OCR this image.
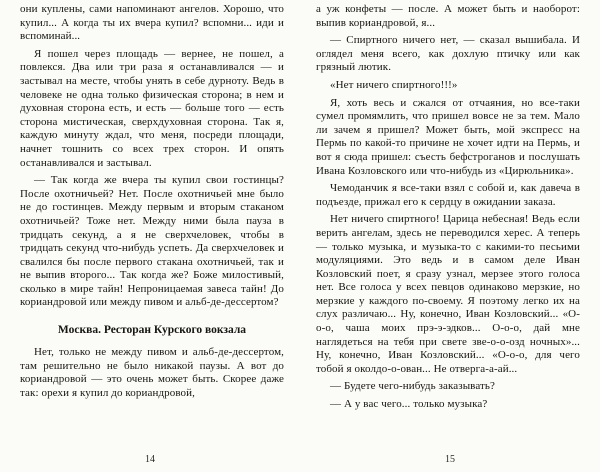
они куплены, сами напоминают ангелов. Хорошо, что купил... А когда ты их вчера купил? вспомни... иди и вспоминай...

Я пошел через площадь — вернее, не пошел, а повлекся. Два или три раза я останавливался — и застывал на месте, чтобы унять в себе дурноту. Ведь в человеке не одна только физическая сторона; в нем и духовная сторона есть, и есть — больше того — есть сторона мистическая, сверхдуховная сторона. Так я, каждую минуту ждал, что меня, посреди площади, начнет тошнить со всех трех сторон. И опять останавливался и застывал.

— Так когда же вчера ты купил свои гостинцы? После охотничьей? Нет. После охотничьей мне было не до гостинцев. Между первым и вторым стаканом охотничьей? Тоже нет. Между ними была пауза в тридцать секунд, а я не сверхчеловек, чтобы в тридцать секунд что-нибудь успеть. Да сверхчеловек и свалился бы после первого стакана охотничьей, так и не выпив второго... Так когда же? Боже милостивый, сколько в мире тайн! Непроницаемая завеса тайн! До кориандровой или между пивом и альб-де-дессертом?

Москва. Ресторан Курского вокзала

Нет, только не между пивом и альб-де-дессертом, там решительно не было никакой паузы. А вот до кориандровой — это очень может быть. Скорее даже так: орехи я купил до кориандровой,

14

а уж конфеты — после. А может быть и наоборот: выпив кориандровой, я...

— Спиртного ничего нет, — сказал вышибала. И оглядел меня всего, как дохлую птичку или как грязный лютик.

«Нет ничего спиртного!!!»

Я, хоть весь и сжался от отчаяния, но все-таки сумел промямлить, что пришел вовсе не за тем. Мало ли зачем я пришел? Может быть, мой экспресс на Пермь по какой-то причине не хочет идти на Пермь, и вот я сюда пришел: съесть бефстроганов и послушать Ивана Козловского или что-нибудь из «Цирюльника».

Чемоданчик я все-таки взял с собой и, как давеча в подъезде, прижал его к сердцу в ожидании заказа.

Нет ничего спиртного! Царица небесная! Ведь если верить ангелам, здесь не переводился херес. А теперь — только музыка, и музыка-то с какими-то песьими модуляциями. Это ведь и в самом деле Иван Козловский поет, я сразу узнал, мерзее этого голоса нет. Все голоса у всех певцов одинаково мерзкие, но мерзкие у каждого по-своему. Я поэтому легко их на слух различаю... Ну, конечно, Иван Козловский... «О-о-о, чаша моих прэ-э-эдков... О-о-о, дай мне наглядеться на тебя при свете зве-о-о-озд ночных»... Ну, конечно, Иван Козловский... «О-о-о, для чего тобой я околдо-о-ован... Не отверга-а-ай...

— Будете чего-нибудь заказывать?

— А у вас чего... только музыка?

15
